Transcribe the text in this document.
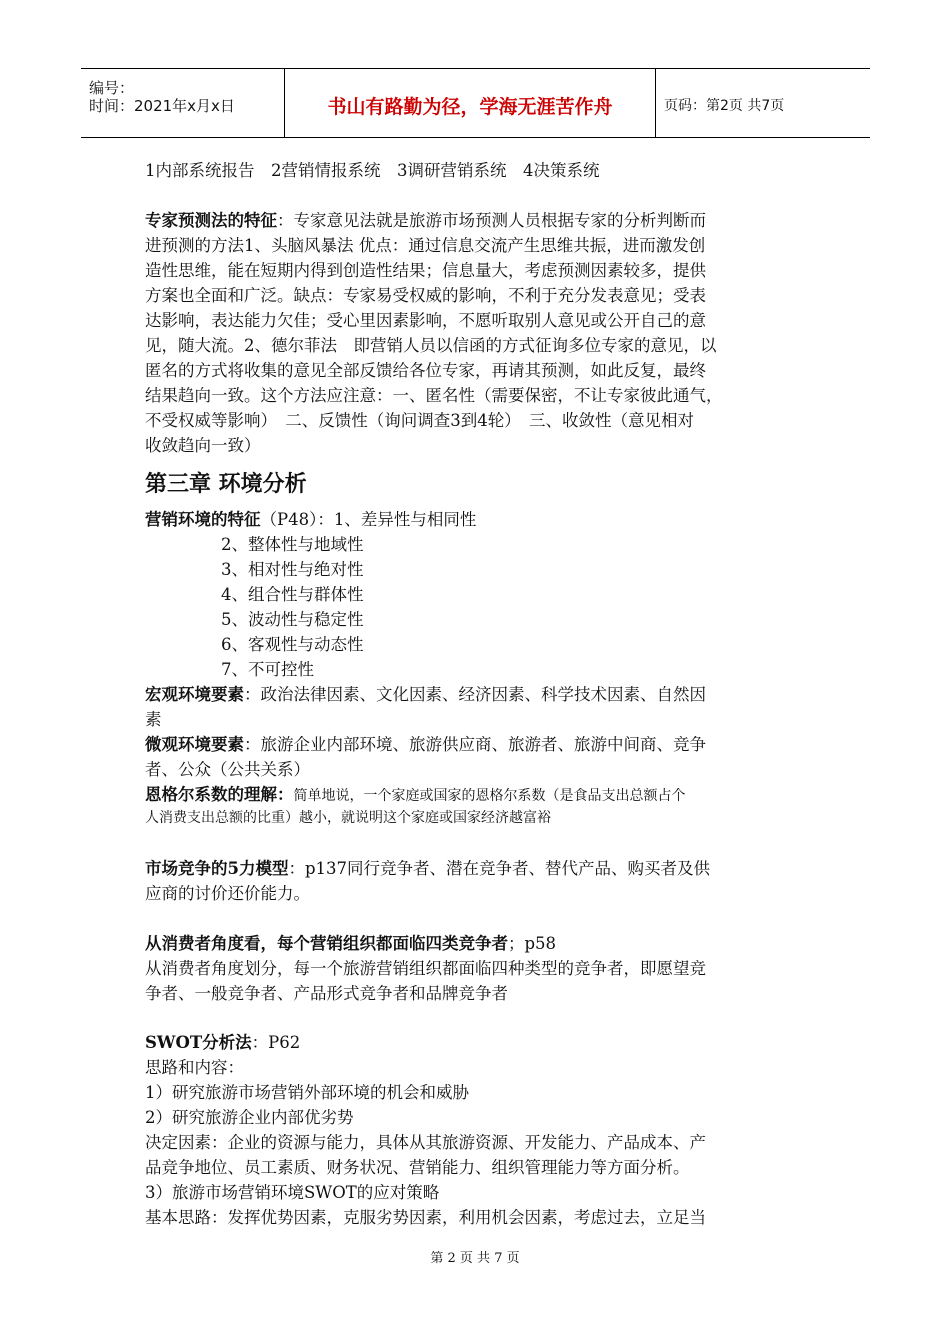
编号：
时间：2021年x月x日	书山有路勤为径，学海无涯苦作舟	页码：第2页 共7页
1内部系统报告　2营销情报系统　3调研营销系统　4决策系统
专家预测法的特征：专家意见法就是旅游市场预测人员根据专家的分析判断而
进预测的方法1、头脑风暴法 优点：通过信息交流产生思维共振，进而激发创
造性思维，能在短期内得到创造性结果；信息量大，考虑预测因素较多，提供
方案也全面和广泛。缺点：专家易受权威的影响，不利于充分发表意见；受表
达影响，表达能力欠佳；受心里因素影响，不愿听取别人意见或公开自己的意
见，随大流。2、德尔菲法　即营销人员以信函的方式征询多位专家的意见，以
匿名的方式将收集的意见全部反馈给各位专家，再请其预测，如此反复，最终
结果趋向一致。这个方法应注意：一、匿名性（需要保密，不让专家彼此通气，
不受权威等影响）　二、反馈性（询问调查3到4轮）　三、收敛性（意见相对
收敛趋向一致）
第三章 环境分析
营销环境的特征（P48）：1、差异性与相同性
2、整体性与地域性
3、相对性与绝对性
4、组合性与群体性
5、波动性与稳定性
6、客观性与动态性
7、不可控性
宏观环境要素：政治法律因素、文化因素、经济因素、科学技术因素、自然因
素
微观环境要素：旅游企业内部环境、旅游供应商、旅游者、旅游中间商、竞争
者、公众（公共关系）
恩格尔系数的理解：简单地说，一个家庭或国家的恩格尔系数（是食品支出总额占个
人消费支出总额的比重）越小，就说明这个家庭或国家经济越富裕
市场竞争的5力模型：p137同行竞争者、潜在竞争者、替代产品、购买者及供
应商的讨价还价能力。
从消费者角度看，每个营销组织都面临四类竞争者；p58
从消费者角度划分，每一个旅游营销组织都面临四种类型的竞争者，即愿望竞
争者、一般竞争者、产品形式竞争者和品牌竞争者
SWOT分析法：P62
思路和内容：
1）研究旅游市场营销外部环境的机会和威胁
2）研究旅游企业内部优劣势
决定因素：企业的资源与能力，具体从其旅游资源、开发能力、产品成本、产
品竞争地位、员工素质、财务状况、营销能力、组织管理能力等方面分析。
3）旅游市场营销环境SWOT的应对策略
基本思路：发挥优势因素，克服劣势因素，利用机会因素，考虑过去，立足当
第 2 页 共 7 页
